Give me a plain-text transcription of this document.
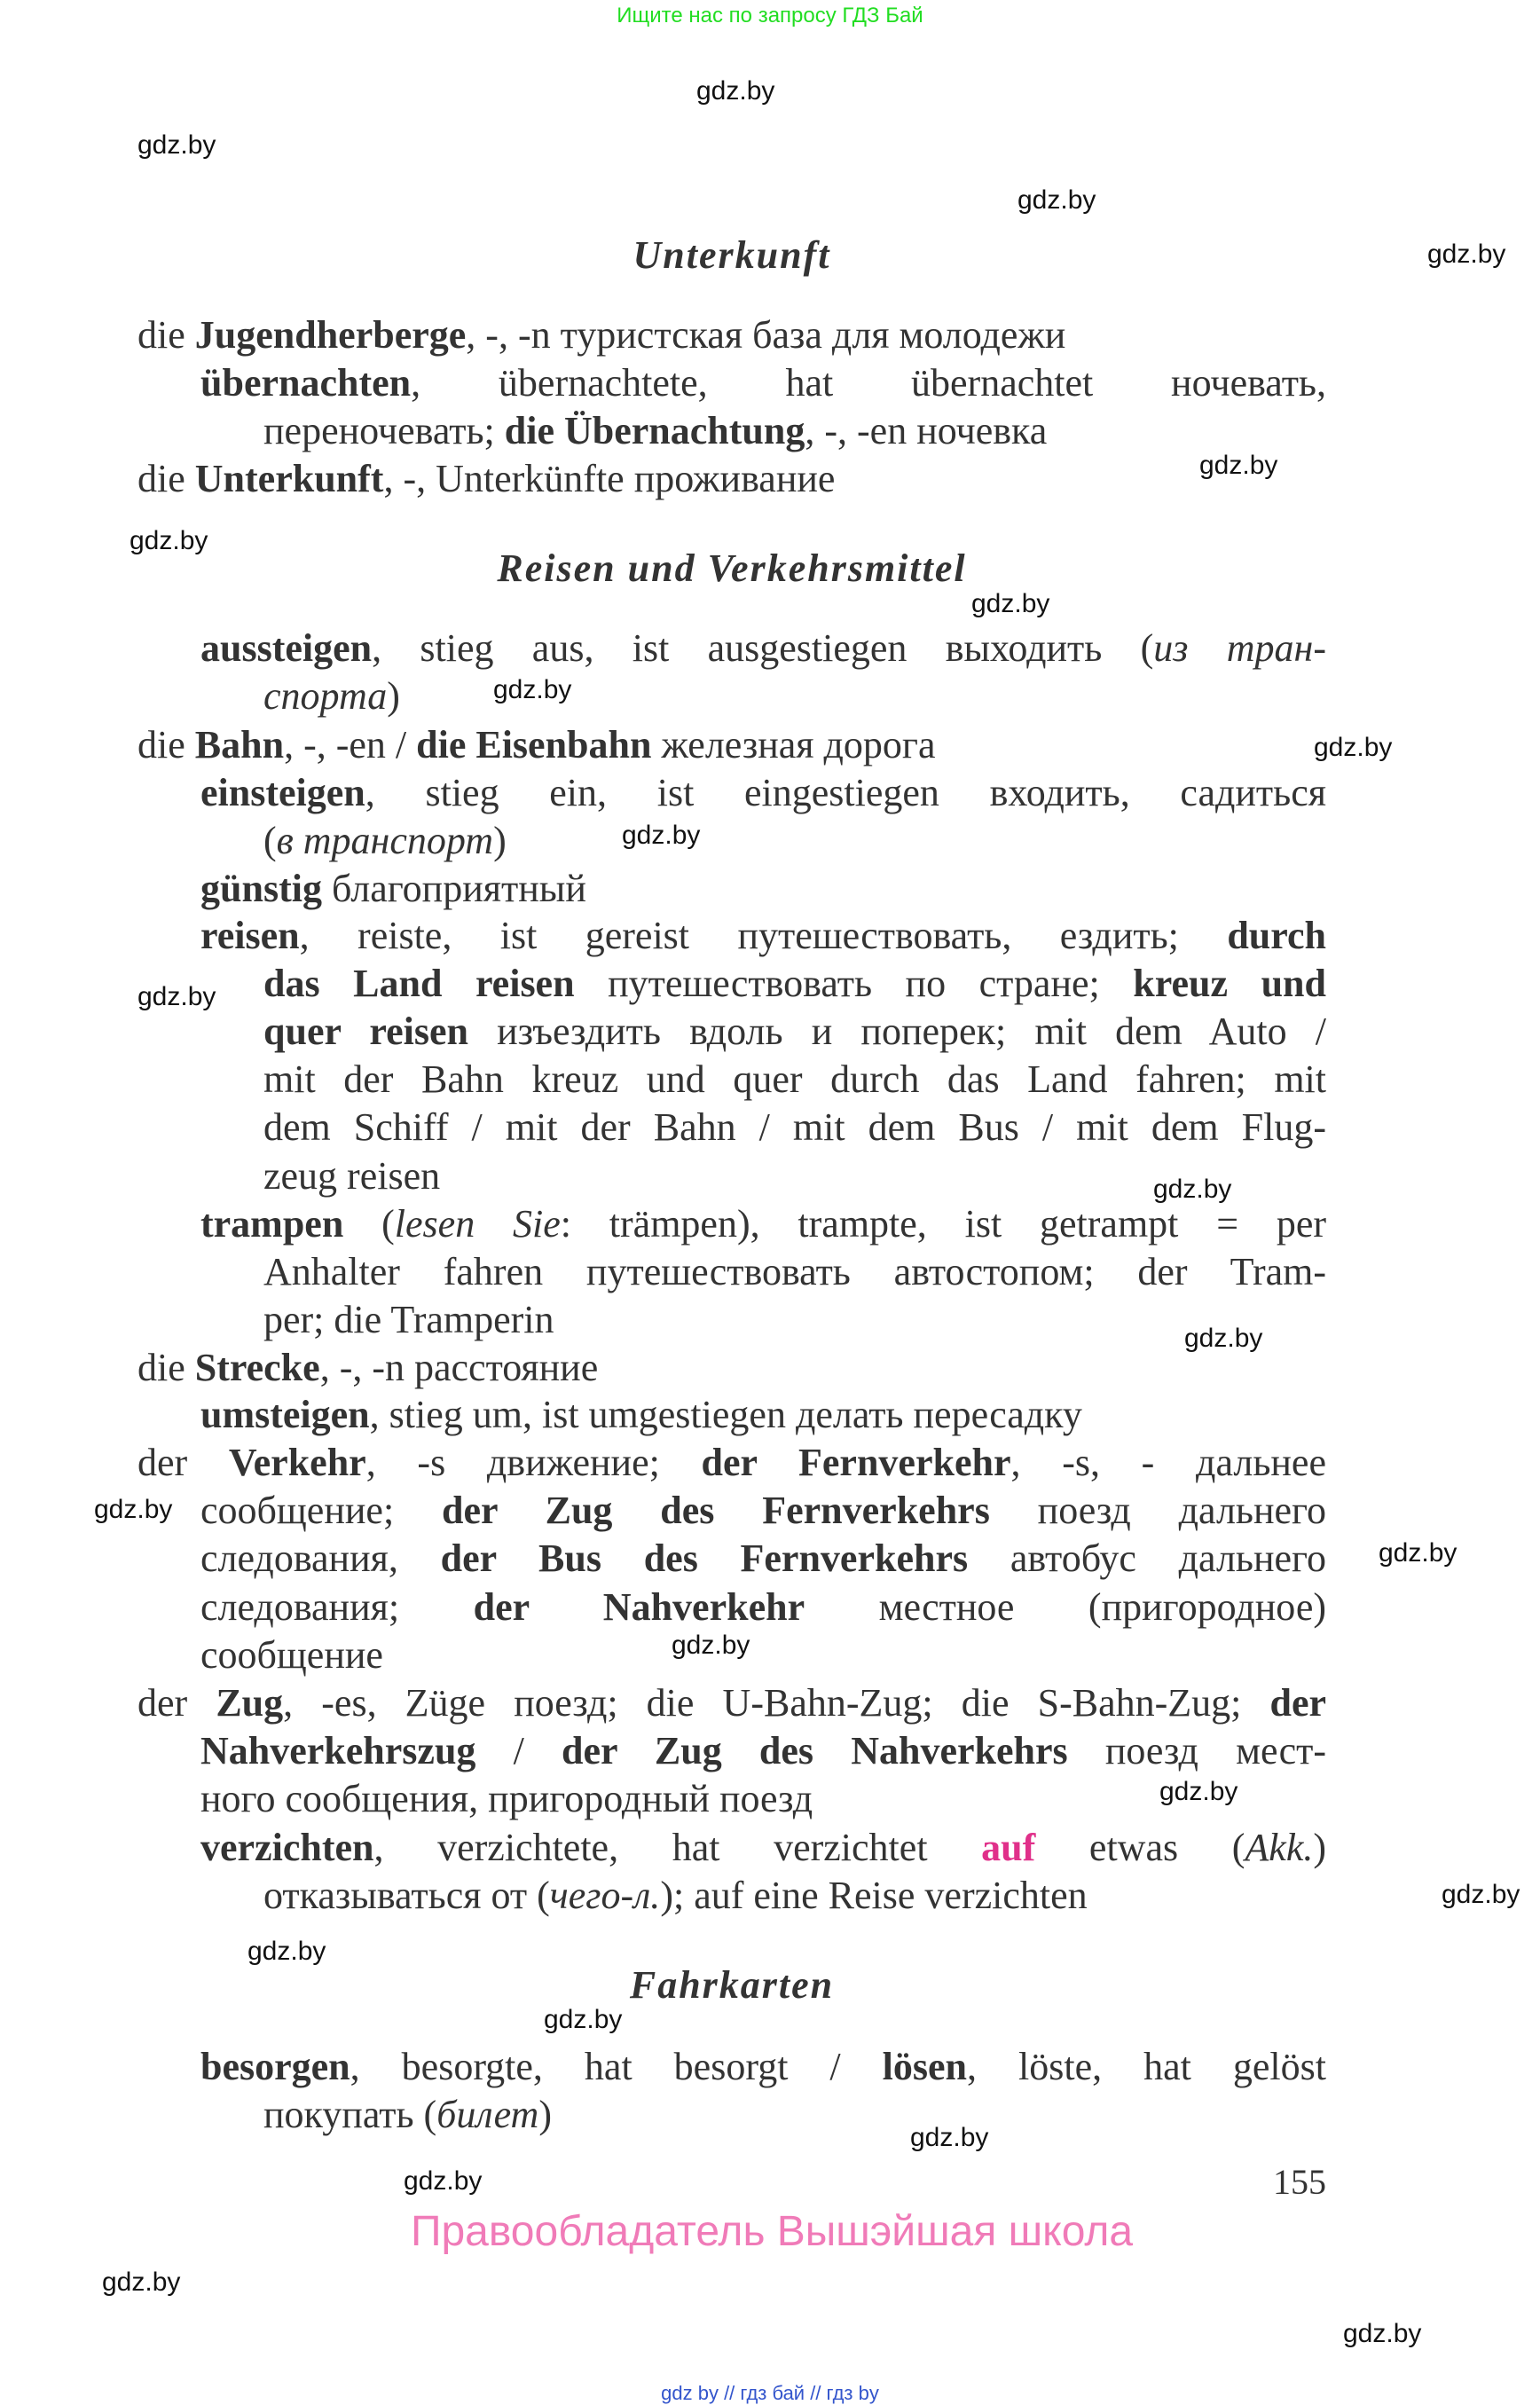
Ищите нас по запросу ГДЗ Бай
gdz.by
gdz.by
gdz.by
gdz.by
gdz.by
gdz.by
gdz.by
gdz.by
gdz.by
gdz.by
gdz.by
gdz.by
gdz.by
gdz.by
gdz.by
gdz.by
gdz.by
gdz.by
gdz.by
gdz.by
gdz.by
gdz.by
gdz.by
gdz.by
Unterkunft
Reisen und Verkehrsmittel
Fahrkarten
die Jugendherberge, -, -n туристская база для молодежи
übernachten, übernachtete, hat übernachtet ночевать,
переночевать; die Übernachtung, -, -en ночевка
die Unterkunft, -, Unterkünfte проживание
aussteigen, stieg aus, ist ausgestiegen выходить (из тран-
спорта)
die Bahn, -, -en / die Eisenbahn железная дорога
einsteigen, stieg ein, ist eingestiegen входить, садиться
(в транспорт)
günstig благоприятный
reisen, reiste, ist gereist путешествовать, ездить; durch
das Land reisen путешествовать по стране; kreuz und
quer reisen изъездить вдоль и поперек; mit dem Auto /
mit der Bahn kreuz und quer durch das Land fahren; mit
dem Schiff / mit der Bahn / mit dem Bus / mit dem Flug-
zeug reisen
trampen (lesen Sie: trämpen), trampte, ist getrampt = per
Anhalter fahren путешествовать автостопом; der Tram-
per; die Tramperin
die Strecke, -, -n расстояние
umsteigen, stieg um, ist umgestiegen делать пересадку
der Verkehr, -s движение; der Fernverkehr, -s, - дальнее
сообщение; der Zug des Fernverkehrs поезд дальнего
следования, der Bus des Fernverkehrs автобус дальнего
следования; der Nahverkehr местное (пригородное)
сообщение
der Zug, -es, Züge поезд; die U-Bahn-Zug; die S-Bahn-Zug; der
Nahverkehrszug / der Zug des Nahverkehrs поезд мест-
ного сообщения, пригородный поезд
verzichten, verzichtete, hat verzichtet auf etwas (Akk.)
отказываться от (чего-л.); auf eine Reise verzichten
besorgen, besorgte, hat besorgt / lösen, löste, hat gelöst
покупать (билет)
155
Правообладатель Вышэйшая школа
gdz by // гдз бай // гдз by
